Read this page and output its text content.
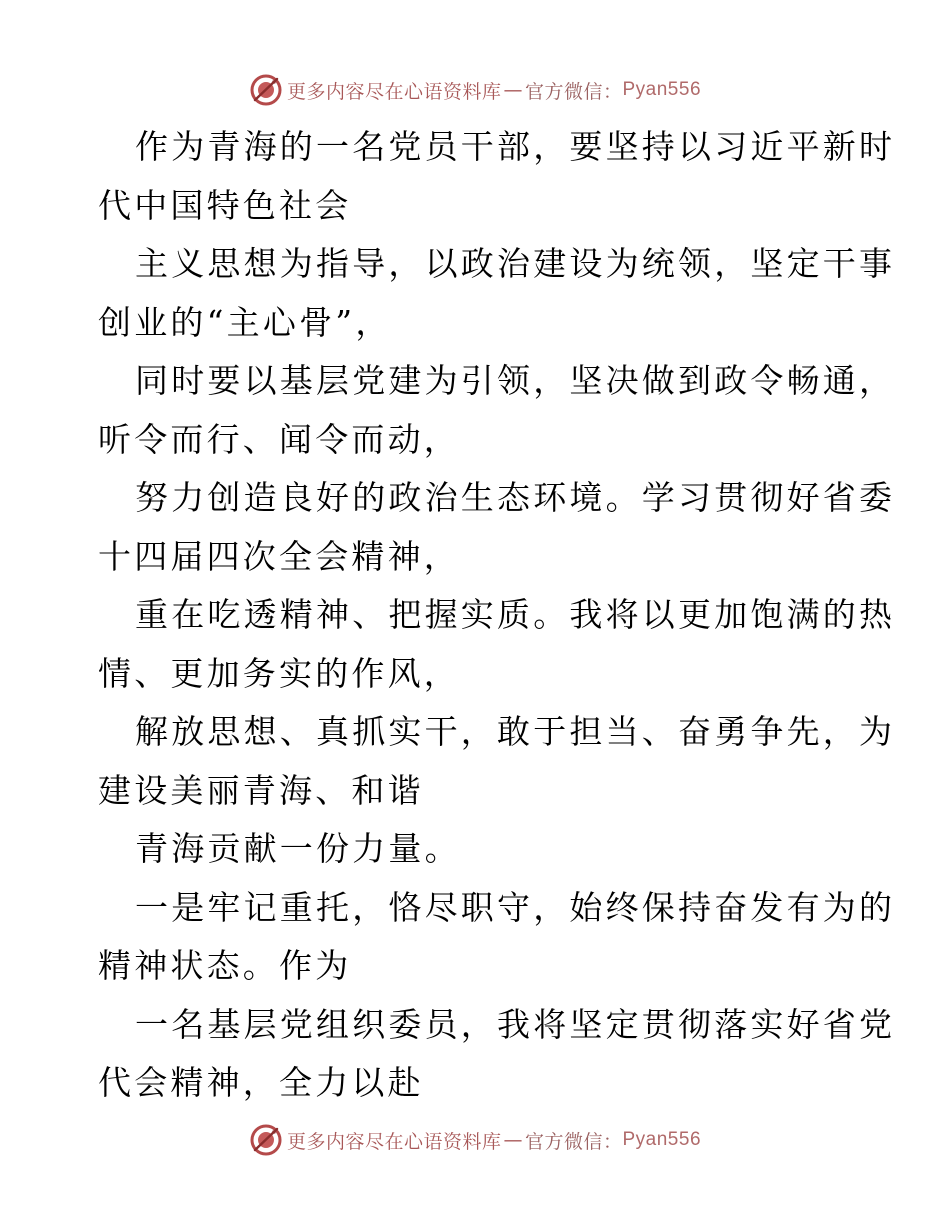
更多内容尽在心语资料库 — 官方微信： Pyan556
作为青海的一名党员干部，要坚持以习近平新时
代中国特色社会
主义思想为指导，以政治建设为统领，坚定干事
创业的“主心骨”，
同时要以基层党建为引领，坚决做到政令畅通，
听令而行、闻令而动，
努力创造良好的政治生态环境。学习贯彻好省委
十四届四次全会精神，
重在吃透精神、把握实质。我将以更加饱满的热
情、更加务实的作风，
解放思想、真抓实干，敢于担当、奋勇争先，为
建设美丽青海、和谐
青海贡献一份力量。
一是牢记重托，恪尽职守，始终保持奋发有为的
精神状态。作为
一名基层党组织委员，我将坚定贯彻落实好省党
代会精神，全力以赴
更多内容尽在心语资料库 — 官方微信： Pyan556
